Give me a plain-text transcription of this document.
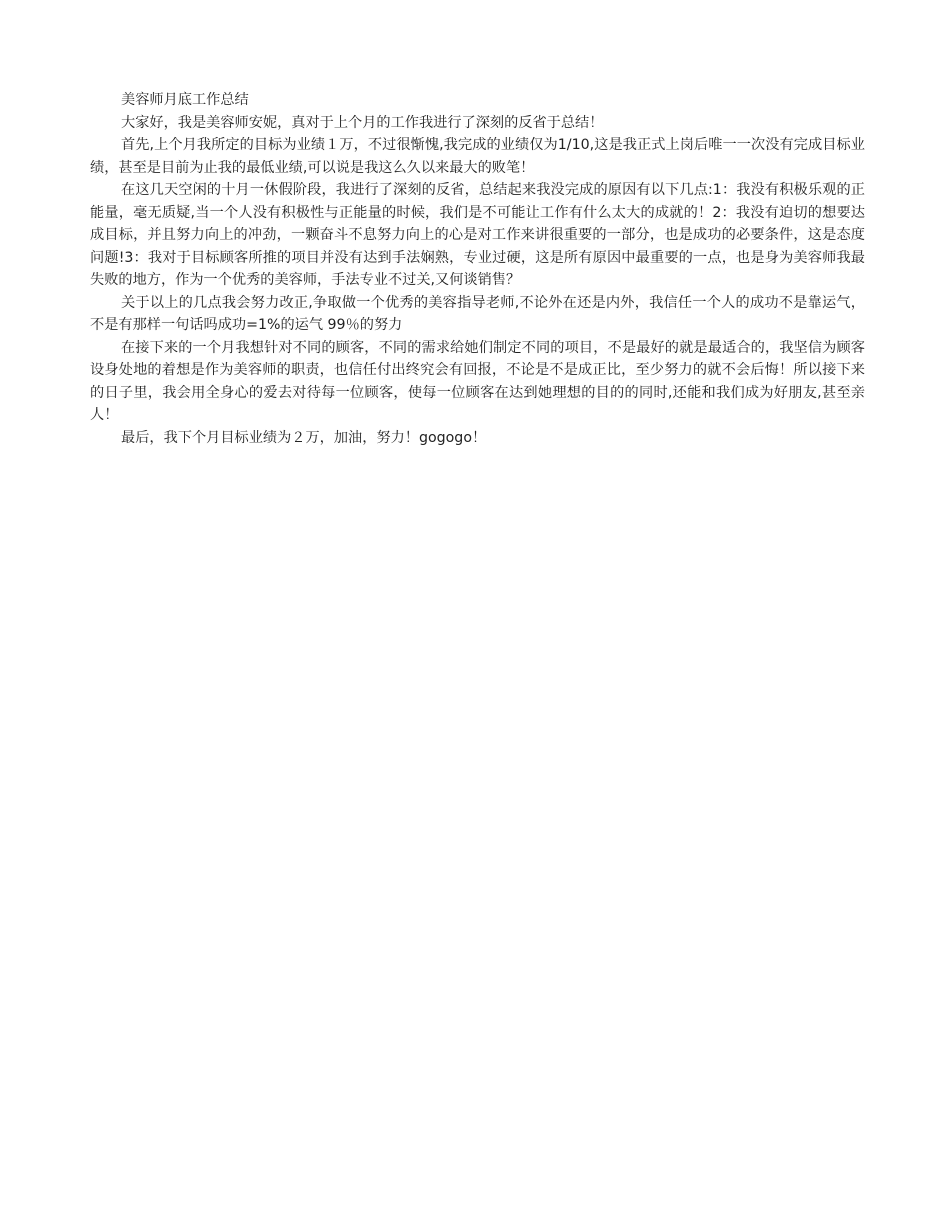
美容师月底工作总结

大家好，我是美容师安妮，真对于上个月的工作我进行了深刻的反省于总结！

首先,上个月我所定的目标为业绩１万，不过很惭愧,我完成的业绩仅为1/10,这是我正式上岗后唯一一次没有完成目标业绩，甚至是目前为止我的最低业绩,可以说是我这么久以来最大的败笔！

在这几天空闲的十月一休假阶段，我进行了深刻的反省，总结起来我没完成的原因有以下几点:1：我没有积极乐观的正能量，毫无质疑,当一个人没有积极性与正能量的时候，我们是不可能让工作有什么太大的成就的！2：我没有迫切的想要达成目标，并且努力向上的冲劲，一颗奋斗不息努力向上的心是对工作来讲很重要的一部分，也是成功的必要条件，这是态度问题!3：我对于目标顾客所推的项目并没有达到手法娴熟，专业过硬，这是所有原因中最重要的一点，也是身为美容师我最失败的地方，作为一个优秀的美容师，手法专业不过关,又何谈销售？

关于以上的几点我会努力改正,争取做一个优秀的美容指导老师,不论外在还是内外，我信任一个人的成功不是靠运气，不是有那样一句话吗成功=1%的运气 99％的努力

在接下来的一个月我想针对不同的顾客，不同的需求给她们制定不同的项目，不是最好的就是最适合的，我坚信为顾客设身处地的着想是作为美容师的职责，也信任付出终究会有回报，不论是不是成正比，至少努力的就不会后悔！所以接下来的日子里，我会用全身心的爱去对待每一位顾客，使每一位顾客在达到她理想的目的的同时,还能和我们成为好朋友,甚至亲人！

最后，我下个月目标业绩为２万，加油，努力！gogogo！
